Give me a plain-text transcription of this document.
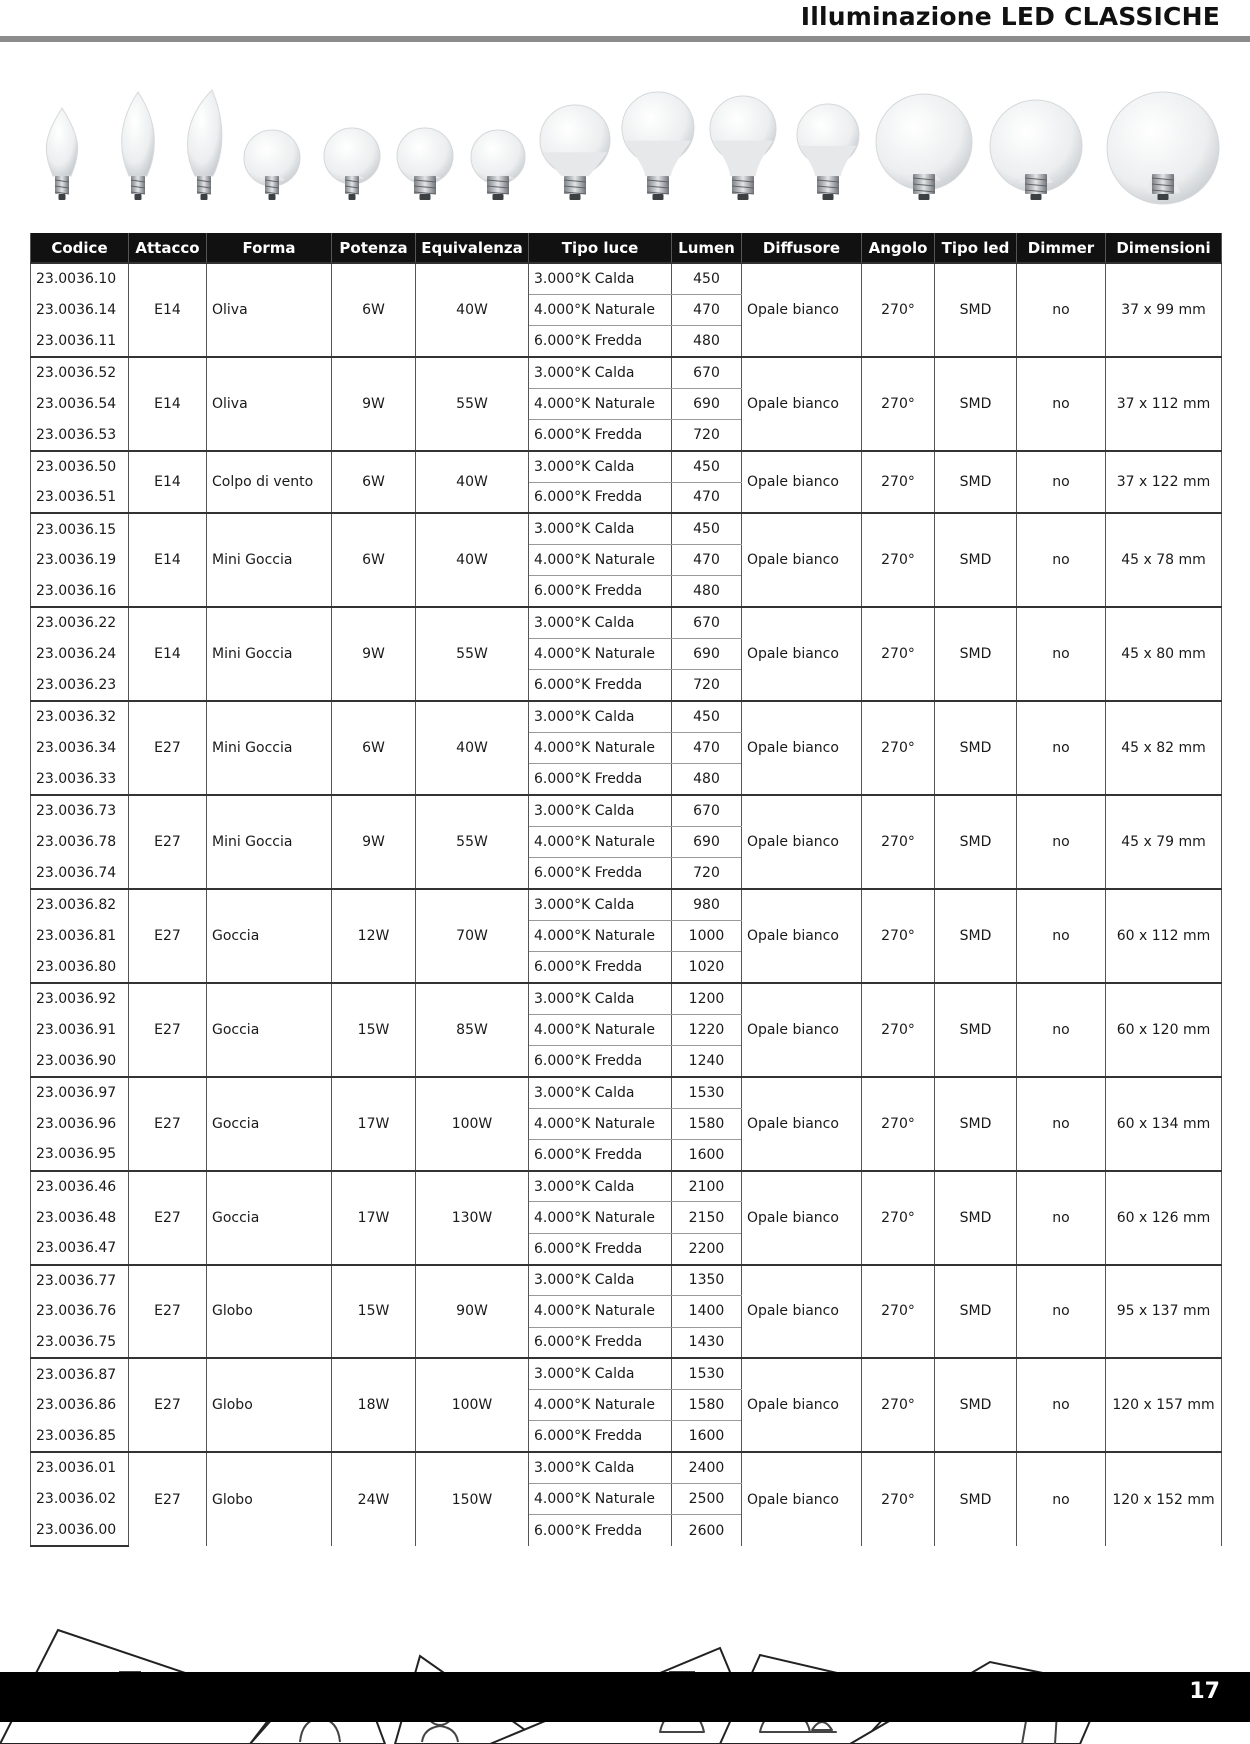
Illuminazione LED CLASSICHE
Codice	Attacco	Forma	Potenza	Equivalenza	Tipo luce	Lumen	Diffusore	Angolo	Tipo led	Dimmer	Dimensioni
23.0036.10	E14	Oliva	6W	40W	3.000°K Calda	450	Opale bianco	270°	SMD	no	37 x 99 mm
23.0036.14					4.000°K Naturale	470					
23.0036.11					6.000°K Fredda	480					
23.0036.52	E14	Oliva	9W	55W	3.000°K Calda	670	Opale bianco	270°	SMD	no	37 x 112 mm
23.0036.54					4.000°K Naturale	690					
23.0036.53					6.000°K Fredda	720					
23.0036.50	E14	Colpo di vento	6W	40W	3.000°K Calda	450	Opale bianco	270°	SMD	no	37 x 122 mm
23.0036.51					6.000°K Fredda	470					
23.0036.15	E14	Mini Goccia	6W	40W	3.000°K Calda	450	Opale bianco	270°	SMD	no	45 x 78 mm
23.0036.19					4.000°K Naturale	470					
23.0036.16					6.000°K Fredda	480					
23.0036.22	E14	Mini Goccia	9W	55W	3.000°K Calda	670	Opale bianco	270°	SMD	no	45 x 80 mm
23.0036.24					4.000°K Naturale	690					
23.0036.23					6.000°K Fredda	720					
23.0036.32	E27	Mini Goccia	6W	40W	3.000°K Calda	450	Opale bianco	270°	SMD	no	45 x 82 mm
23.0036.34					4.000°K Naturale	470					
23.0036.33					6.000°K Fredda	480					
23.0036.73	E27	Mini Goccia	9W	55W	3.000°K Calda	670	Opale bianco	270°	SMD	no	45 x 79 mm
23.0036.78					4.000°K Naturale	690					
23.0036.74					6.000°K Fredda	720					
23.0036.82	E27	Goccia	12W	70W	3.000°K Calda	980	Opale bianco	270°	SMD	no	60 x 112 mm
23.0036.81					4.000°K Naturale	1000					
23.0036.80					6.000°K Fredda	1020					
23.0036.92	E27	Goccia	15W	85W	3.000°K Calda	1200	Opale bianco	270°	SMD	no	60 x 120 mm
23.0036.91					4.000°K Naturale	1220					
23.0036.90					6.000°K Fredda	1240					
23.0036.97	E27	Goccia	17W	100W	3.000°K Calda	1530	Opale bianco	270°	SMD	no	60 x 134 mm
23.0036.96					4.000°K Naturale	1580					
23.0036.95					6.000°K Fredda	1600					
23.0036.46	E27	Goccia	17W	130W	3.000°K Calda	2100	Opale bianco	270°	SMD	no	60 x 126 mm
23.0036.48					4.000°K Naturale	2150					
23.0036.47					6.000°K Fredda	2200					
23.0036.77	E27	Globo	15W	90W	3.000°K Calda	1350	Opale bianco	270°	SMD	no	95 x 137 mm
23.0036.76					4.000°K Naturale	1400					
23.0036.75					6.000°K Fredda	1430					
23.0036.87	E27	Globo	18W	100W	3.000°K Calda	1530	Opale bianco	270°	SMD	no	120 x 157 mm
23.0036.86					4.000°K Naturale	1580					
23.0036.85					6.000°K Fredda	1600					
23.0036.01	E27	Globo	24W	150W	3.000°K Calda	2400	Opale bianco	270°	SMD	no	120 x 152 mm
23.0036.02					4.000°K Naturale	2500					
23.0036.00					6.000°K Fredda	2600					
17
